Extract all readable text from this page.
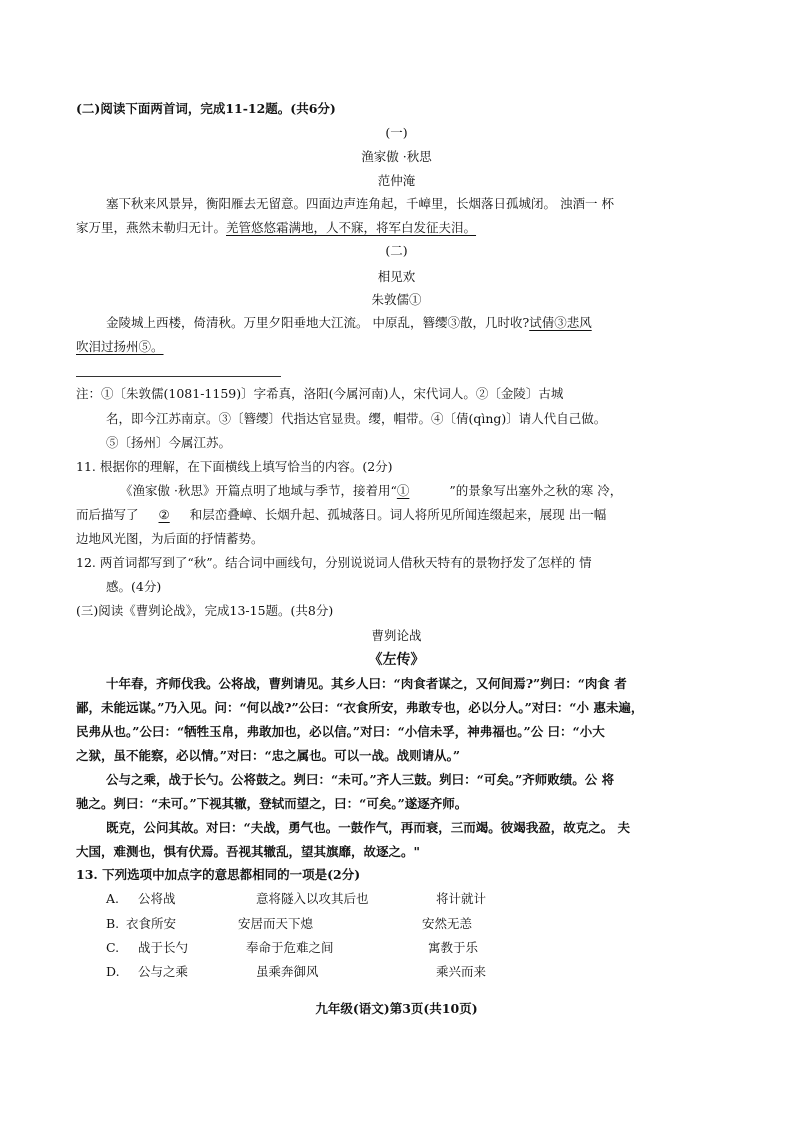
(二)阅读下面两首词，完成11-12题。(共6分)
(一)
渔家傲 ·秋思
范仲淹
塞下秋来风景异，衡阳雁去无留意。四面边声连角起，千嶂里，长烟落日孤城闭。 浊酒一 杯
家万里，燕然未勒归无计。羌管悠悠霜满地，人不寐，将军白发征夫泪。
(二)
相见欢
朱敦儒①
金陵城上西楼，倚清秋。万里夕阳垂地大江流。 中原乱，簪缨③散，几时收?试倩③悲风
吹泪过扬州⑤。
注：①〔朱敦儒(1081-1159)〕字希真，洛阳(今属河南)人，宋代词人。②〔金陵〕古城
名，即今江苏南京。③〔簪缨〕代指达官显贵。缨，帽带。④〔倩(qìng)〕请人代自己做。
⑤〔扬州〕今属江苏。
11. 根据你的理解，在下面横线上填写恰当的内容。(2分)
《渔家傲 ·秋思》开篇点明了地域与季节，接着用“①	”的景象写出塞外之秋的寒 冷，
而后描写了 ② 和层峦叠嶂、长烟升起、孤城落日。词人将所见所闻连缀起来，展现 出一幅
边地风光图，为后面的抒情蓄势。
12. 两首词都写到了“秋”。结合词中画线句，分别说说词人借秋天特有的景物抒发了怎样的 情
感。(4分)
(三)阅读《曹刿论战》，完成13-15题。(共8分)
曹刿论战
《左传》
十年春，齐师伐我。公将战，曹刿请见。其乡人曰：“肉食者谋之，又何间焉?”刿曰：“肉食 者
鄙，未能远谋。”乃入见。问：“何以战?”公曰：“衣食所安，弗敢专也，必以分人。”对曰：“小 惠未遍，
民弗从也。”公曰：“牺牲玉帛，弗敢加也，必以信。”对曰：“小信未孚，神弗福也。”公 曰：“小大
之狱，虽不能察，必以情。”对曰：“忠之属也。可以一战。战则请从。”
公与之乘，战于长勺。公将鼓之。刿曰：“未可。”齐人三鼓。刿曰：“可矣。”齐师败绩。公 将
驰之。刿曰：“未可。”下视其辙，登轼而望之，曰：“可矣。”遂逐齐师。
既克，公问其故。对曰：“夫战，勇气也。一鼓作气，再而衰，三而竭。彼竭我盈，故克之。 夫
大国，难测也，惧有伏焉。吾视其辙乱，望其旗靡，故逐之。"
13. 下列选项中加点字的意思都相同的一项是(2分)
A. 公将战	意将隧入以攻其后也	将计就计
B. 衣食所安	安居而天下熄	安然无恙
C. 战于长勺	奉命于危难之间	寓教于乐
D. 公与之乘	虽乘奔御风	乘兴而来
九年级(语文)第3页(共10页)
